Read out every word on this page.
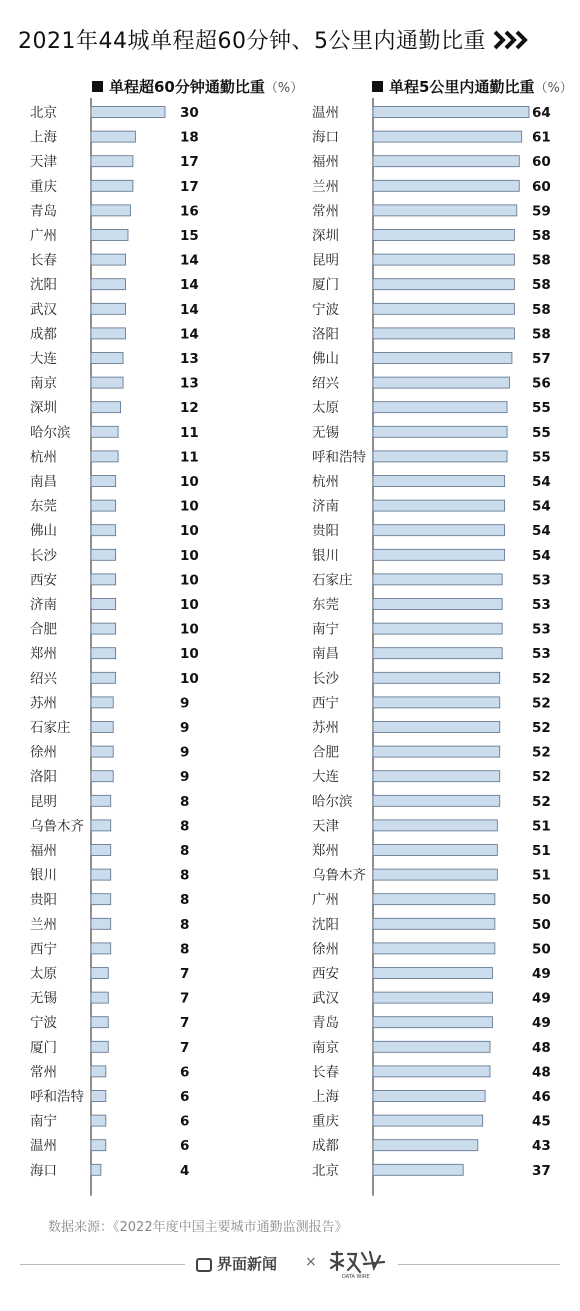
2021年44城单程超60分钟、5公里内通勤比重
单程超60分钟通勤比重（%）	单程5公里内通勤比重（%）
北京	30
上海	18
天津	17
重庆	17
青岛	16
广州	15
长春	14
沈阳	14
武汉	14
成都	14
大连	13
南京	13
深圳	12
哈尔滨	11
杭州	11
南昌	10
东莞	10
佛山	10
长沙	10
西安	10
济南	10
合肥	10
郑州	10
绍兴	10
苏州	9
石家庄	9
徐州	9
洛阳	9
昆明	8
乌鲁木齐	8
福州	8
银川	8
贵阳	8
兰州	8
西宁	8
太原	7
无锡	7
宁波	7
厦门	7
常州	6
呼和浩特	6
南宁	6
温州	6
海口	4
温州	64
海口	61
福州	60
兰州	60
常州	59
深圳	58
昆明	58
厦门	58
宁波	58
洛阳	58
佛山	57
绍兴	56
太原	55
无锡	55
呼和浩特	55
杭州	54
济南	54
贵阳	54
银川	54
石家庄	53
东莞	53
南宁	53
南昌	53
长沙	52
西宁	52
苏州	52
合肥	52
大连	52
哈尔滨	52
天津	51
郑州	51
乌鲁木齐	51
广州	50
沈阳	50
徐州	50
西安	49
武汉	49
青岛	49
南京	48
长春	48
上海	46
重庆	45
成都	43
北京	37
数据来源：《2022年度中国主要城市通勤监测报告》
界面新闻 ×
DATA WIRE
